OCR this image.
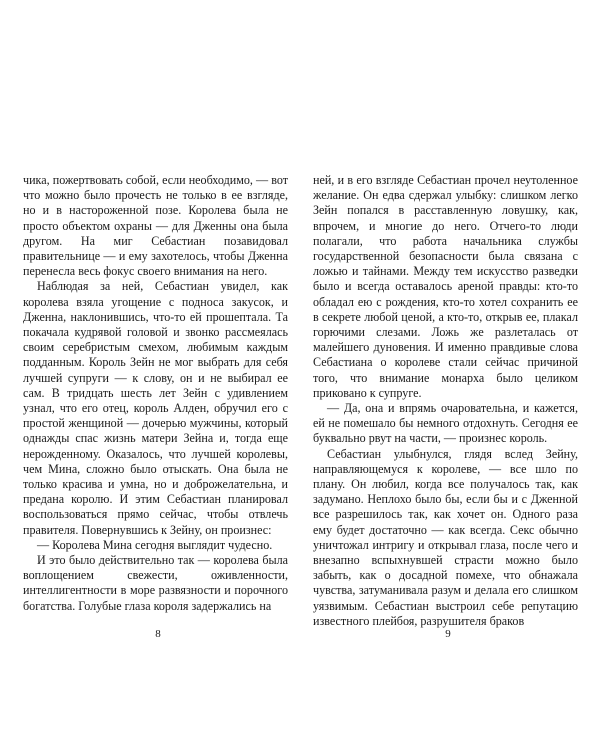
чика, пожертвовать собой, если необходимо, — вот что можно было прочесть не только в ее взгляде, но и в настороженной позе. Королева была не просто объектом охраны — для Дженны она была другом. На миг Себастиан позавидовал правительнице — и ему захотелось, чтобы Дженна перенесла весь фокус своего внимания на него.

Наблюдая за ней, Себастиан увидел, как королева взяла угощение с подноса закусок, и Дженна, наклонившись, что-то ей прошептала. Та покачала кудрявой головой и звонко рассмеялась своим серебристым смехом, любимым каждым подданным. Король Зейн не мог выбрать для себя лучшей супруги — к слову, он и не выбирал ее сам. В тридцать шесть лет Зейн с удивлением узнал, что его отец, король Алден, обручил его с простой женщиной — дочерью мужчины, который однажды спас жизнь матери Зейна и, тогда еще нерожденному. Оказалось, что лучшей королевы, чем Мина, сложно было отыскать. Она была не только красива и умна, но и доброжелательна, и предана королю. И этим Себастиан планировал воспользоваться прямо сейчас, чтобы отвлечь правителя. Повернувшись к Зейну, он произнес:

— Королева Мина сегодня выглядит чудесно.

И это было действительно так — королева была воплощением свежести, оживленности, интеллигентности в море развязности и порочного богатства. Голубые глаза короля задержались на

8

ней, и в его взгляде Себастиан прочел неутоленное желание. Он едва сдержал улыбку: слишком легко Зейн попался в расставленную ловушку, как, впрочем, и многие до него. Отчего-то люди полагали, что работа начальника службы государственной безопасности была связана с ложью и тайнами. Между тем искусство разведки было и всегда оставалось ареной правды: кто-то обладал ею с рождения, кто-то хотел сохранить ее в секрете любой ценой, а кто-то, открыв ее, плакал горючими слезами. Ложь же разлеталась от малейшего дуновения. И именно правдивые слова Себастиана о королеве стали сейчас причиной того, что внимание монарха было целиком приковано к супруге.

— Да, она и впрямь очаровательна, и кажется, ей не помешало бы немного отдохнуть. Сегодня ее буквально рвут на части, — произнес король.

Себастиан улыбнулся, глядя вслед Зейну, направляющемуся к королеве, — все шло по плану. Он любил, когда все получалось так, как задумано. Неплохо было бы, если бы и с Дженной все разрешилось так, как хочет он. Одного раза ему будет достаточно — как всегда. Секс обычно уничтожал интригу и открывал глаза, после чего и внезапно вспыхнувшей страсти можно было забыть, как о досадной помехе, что обнажала чувства, затуманивала разум и делала его слишком уязвимым. Себастиан выстроил себе репутацию известного плейбоя, разрушителя браков

9
